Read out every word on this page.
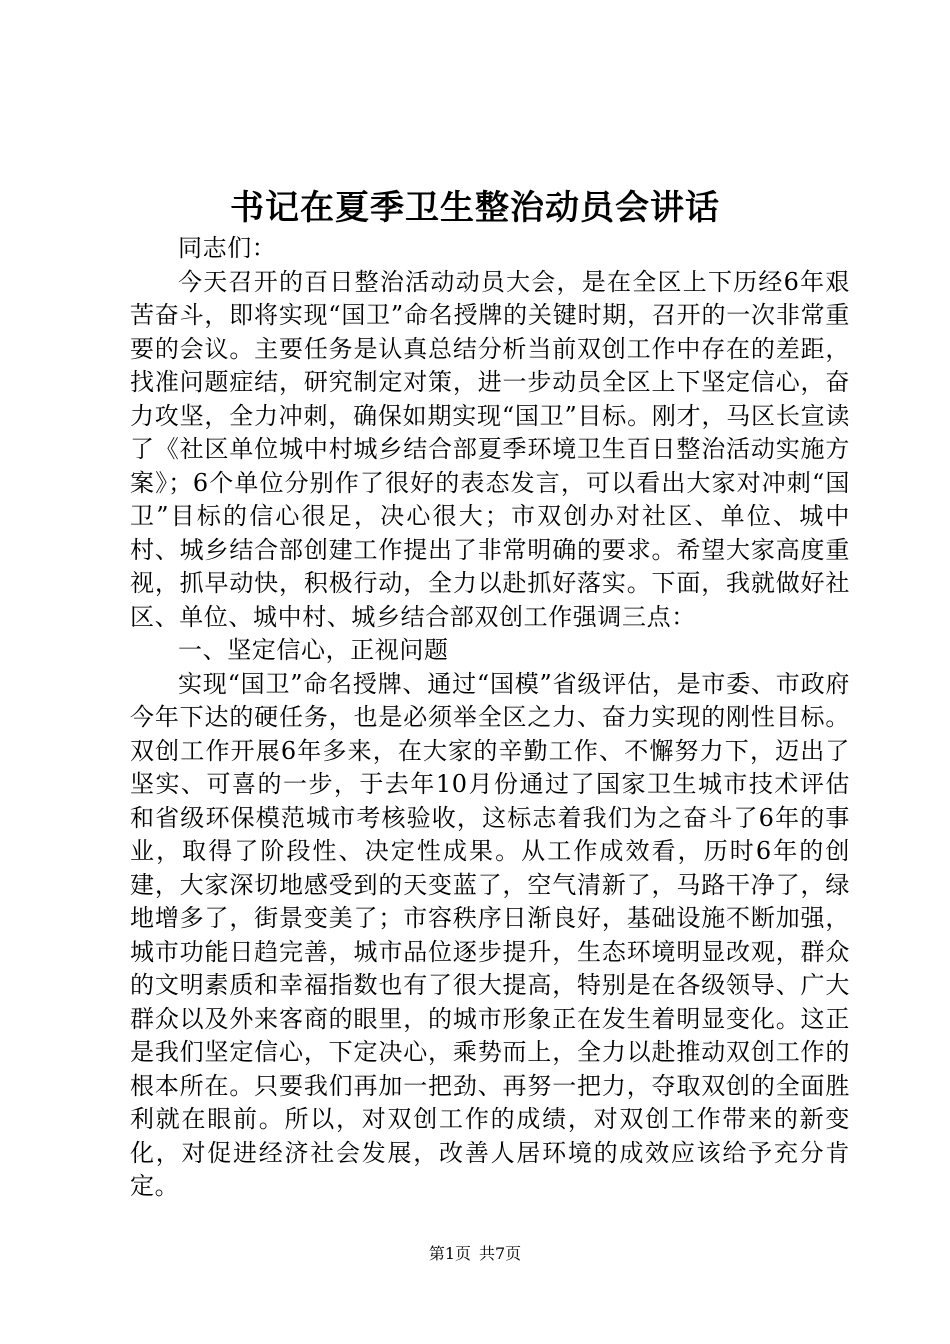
书记在夏季卫生整治动员会讲话

同志们：

今天召开的百日整治活动动员大会，是在全区上下历经6年艰苦奋斗，即将实现“国卫”命名授牌的关键时期，召开的一次非常重要的会议。主要任务是认真总结分析当前双创工作中存在的差距，找准问题症结，研究制定对策，进一步动员全区上下坚定信心，奋力攻坚，全力冲刺，确保如期实现“国卫”目标。刚才，马区长宣读了《社区单位城中村城乡结合部夏季环境卫生百日整治活动实施方案》；6个单位分别作了很好的表态发言，可以看出大家对冲刺“国卫”目标的信心很足，决心很大；市双创办对社区、单位、城中村、城乡结合部创建工作提出了非常明确的要求。希望大家高度重视，抓早动快，积极行动，全力以赴抓好落实。下面，我就做好社区、单位、城中村、城乡结合部双创工作强调三点：

一、坚定信心，正视问题

实现“国卫”命名授牌、通过“国模”省级评估，是市委、市政府今年下达的硬任务，也是必须举全区之力、奋力实现的刚性目标。双创工作开展6年多来，在大家的辛勤工作、不懈努力下，迈出了坚实、可喜的一步，于去年10月份通过了国家卫生城市技术评估和省级环保模范城市考核验收，这标志着我们为之奋斗了6年的事业，取得了阶段性、决定性成果。从工作成效看，历时6年的创建，大家深切地感受到的天变蓝了，空气清新了，马路干净了，绿地增多了，街景变美了；市容秩序日渐良好，基础设施不断加强，城市功能日趋完善，城市品位逐步提升，生态环境明显改观，群众的文明素质和幸福指数也有了很大提高，特别是在各级领导、广大群众以及外来客商的眼里，的城市形象正在发生着明显变化。这正是我们坚定信心，下定决心，乘势而上，全力以赴推动双创工作的根本所在。只要我们再加一把劲、再努一把力，夺取双创的全面胜利就在眼前。所以，对双创工作的成绩，对双创工作带来的新变化，对促进经济社会发展，改善人居环境的成效应该给予充分肯定。

第1页 共7页
